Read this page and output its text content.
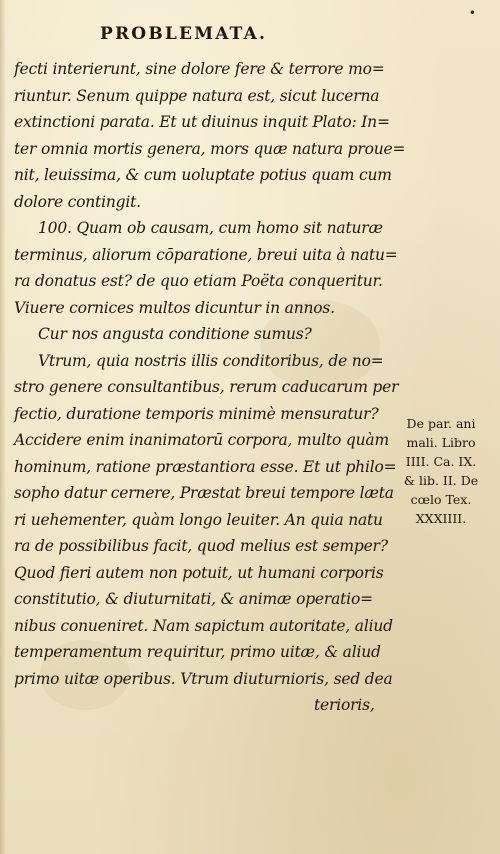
•
PROBLEMATA.
fecti interierunt, sine dolore fere & terrore mo=
riuntur. Senum quippe natura est, sicut lucerna
extinctioni parata. Et ut diuinus inquit Plato: In=
ter omnia mortis genera, mors quæ natura proue=
nit, leuissima, & cum uoluptate potius quam cum
dolore contingit.
100. Quam ob causam, cum homo sit naturæ
terminus, aliorum cōparatione, breui uita à natu=
ra donatus est? de quo etiam Poëta conqueritur.
Viuere cornices multos dicuntur in annos.
Cur nos angusta conditione sumus?
Vtrum, quia nostris illis conditoribus, de no=
stro genere consultantibus, rerum caducarum per
fectio, duratione temporis minimè mensuratur?
Accidere enim inanimatorū corpora, multo quàm
hominum, ratione præstantiora esse. Et ut philo=
sopho datur cernere, Præstat breui tempore læta
ri uehementer, quàm longo leuiter. An quia natu
ra de possibilibus facit, quod melius est semper?
Quod fieri autem non potuit, ut humani corporis
constitutio, & diuturnitati, & animæ operatio=
nibus conueniret. Nam sapictum autoritate, aliud
temperamentum requiritur, primo uitæ, & aliud
primo uitæ operibus. Vtrum diuturnioris, sed dea
terioris,
De par. ani
mali. Libro
IIII. Ca. IX.
& lib. II. De
cœlo Tex.
XXXIIII.
